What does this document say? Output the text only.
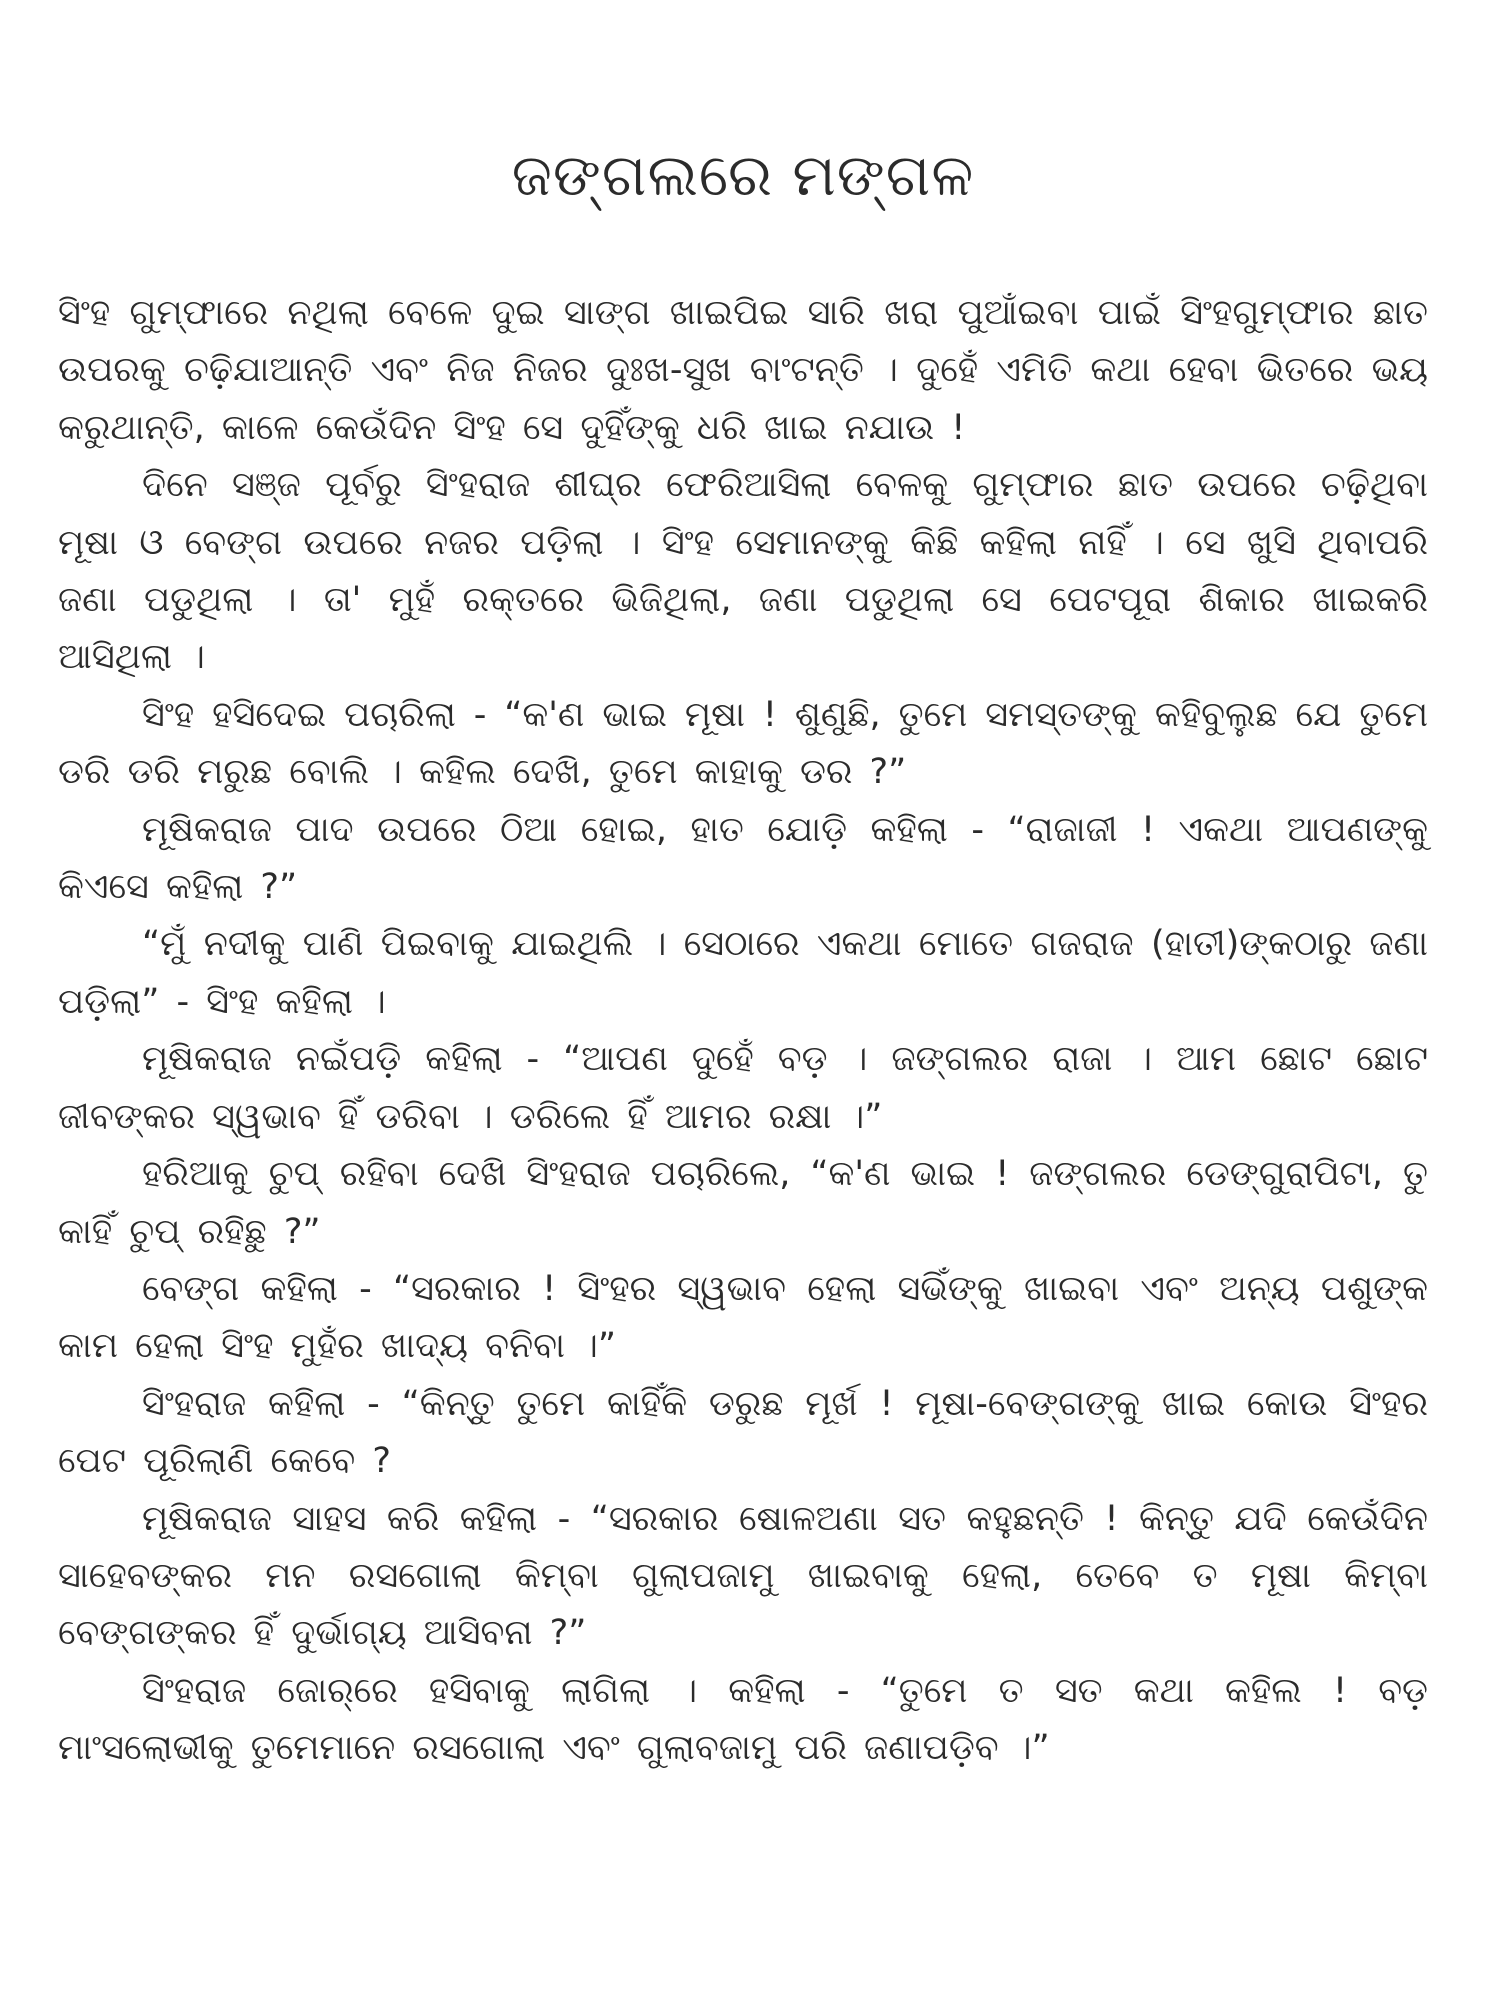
ଜଙ୍ଗଲରେ ମଙ୍ଗଳ

ସିଂହ ଗୁମ୍ଫାରେ ନଥିଲା ବେଳେ ଦୁଇ ସାଙ୍ଗ ଖାଇପିଇ ସାରି ଖରା ପୁଆଁଇବା ପାଇଁ ସିଂହଗୁମ୍ଫାର ଛାତ ଉପରକୁ ଚଢ଼ିଯାଆନ୍ତି ଏବଂ ନିଜ ନିଜର ଦୁଃଖ-ସୁଖ ବାଂଟନ୍ତି । ଦୁହେଁ ଏମିତି କଥା ହେବା ଭିତରେ ଭୟ କରୁଥାନ୍ତି, କାଳେ କେଉଁଦିନ ସିଂହ ସେ ଦୁହିଁଙ୍କୁ ଧରି ଖାଇ ନଯାଉ !

ଦିନେ ସଞ୍ଜ ପୂର୍ବରୁ ସିଂହରାଜ ଶୀଘ୍ର ଫେରିଆସିଲା ବେଳକୁ ଗୁମ୍ଫାର ଛାତ ଉପରେ ଚଢ଼ିଥିବା ମୂଷା ଓ ବେଙ୍ଗ ଉପରେ ନଜର ପଡ଼ିଲା । ସିଂହ ସେମାନଙ୍କୁ କିଛି କହିଲା ନାହିଁ । ସେ ଖୁସି ଥିବାପରି ଜଣା ପଡୁଥିଲା । ତା' ମୁହଁ ରକ୍ତରେ ଭିଜିଥିଲା, ଜଣା ପଡୁଥିଲା ସେ ପେଟପୂରା ଶିକାର ଖାଇକରି ଆସିଥିଲା ।

ସିଂହ ହସିଦେଇ ପଚାରିଲା - “କ'ଣ ଭାଇ ମୂଷା ! ଶୁଣୁଛି, ତୁମେ ସମସ୍ତଙ୍କୁ କହିବୁଲୁଛ ଯେ ତୁମେ ଡରି ଡରି ମରୁଛ ବୋଲି । କହିଲ ଦେଖି, ତୁମେ କାହାକୁ ଡର ?”

ମୂଷିକରାଜ ପାଦ ଉପରେ ଠିଆ ହୋଇ, ହାତ ଯୋଡ଼ି କହିଲା - “ରାଜାଜୀ ! ଏକଥା ଆପଣଙ୍କୁ କିଏସେ କହିଲା ?”

“ମୁଁ ନଦୀକୁ ପାଣି ପିଇବାକୁ ଯାଇଥିଲି । ସେଠାରେ ଏକଥା ମୋତେ ଗଜରାଜ (ହାତୀ)ଙ୍କଠାରୁ ଜଣା ପଡ଼ିଲା” - ସିଂହ କହିଲା ।

ମୂଷିକରାଜ ନଇଁପଡ଼ି କହିଲା - “ଆପଣ ଦୁହେଁ ବଡ଼ । ଜଙ୍ଗଲର ରାଜା । ଆମ ଛୋଟ ଛୋଟ ଜୀବଙ୍କର ସ୍ୱଭାବ ହିଁ ଡରିବା । ଡରିଲେ ହିଁ ଆମର ରକ୍ଷା ।”

ହରିଆକୁ ଚୁପ୍ ରହିବା ଦେଖି ସିଂହରାଜ ପଚାରିଲେ, “କ'ଣ ଭାଇ ! ଜଙ୍ଗଲର ଡେଙ୍ଗୁରାପିଟା, ତୁ କାହିଁ ଚୁପ୍ ରହିଛୁ ?”

ବେଙ୍ଗ କହିଲା - “ସରକାର ! ସିଂହର ସ୍ୱଭାବ ହେଲା ସଭିଁଙ୍କୁ ଖାଇବା ଏବଂ ଅନ୍ୟ ପଶୁଙ୍କ କାମ ହେଲା ସିଂହ ମୁହଁର ଖାଦ୍ୟ ବନିବା ।”

ସିଂହରାଜ କହିଲା - “କିନ୍ତୁ ତୁମେ କାହିଁକି ଡରୁଛ ମୂର୍ଖ ! ମୂଷା-ବେଙ୍ଗଙ୍କୁ ଖାଇ କୋଉ ସିଂହର ପେଟ ପୂରିଲାଣି କେବେ ?

ମୂଷିକରାଜ ସାହସ କରି କହିଲା - “ସରକାର ଷୋଳଅଣା ସତ କହୁଛନ୍ତି ! କିନ୍ତୁ ଯଦି କେଉଁଦିନ ସାହେବଙ୍କର ମନ ରସଗୋଲା କିମ୍ବା ଗୁଲାପଜାମୁ ଖାଇବାକୁ ହେଲା, ତେବେ ତ ମୂଷା କିମ୍ବା ବେଙ୍ଗଙ୍କର ହିଁ ଦୁର୍ଭାଗ୍ୟ ଆସିବନା ?”

ସିଂହରାଜ ଜୋର୍‌ରେ ହସିବାକୁ ଲାଗିଲା । କହିଲା - “ତୁମେ ତ ସତ କଥା କହିଲ ! ବଡ଼ ମାଂସଲୋଭୀକୁ ତୁମେମାନେ ରସଗୋଲା ଏବଂ ଗୁଲାବଜାମୁ ପରି ଜଣାପଡ଼ିବ ।”
